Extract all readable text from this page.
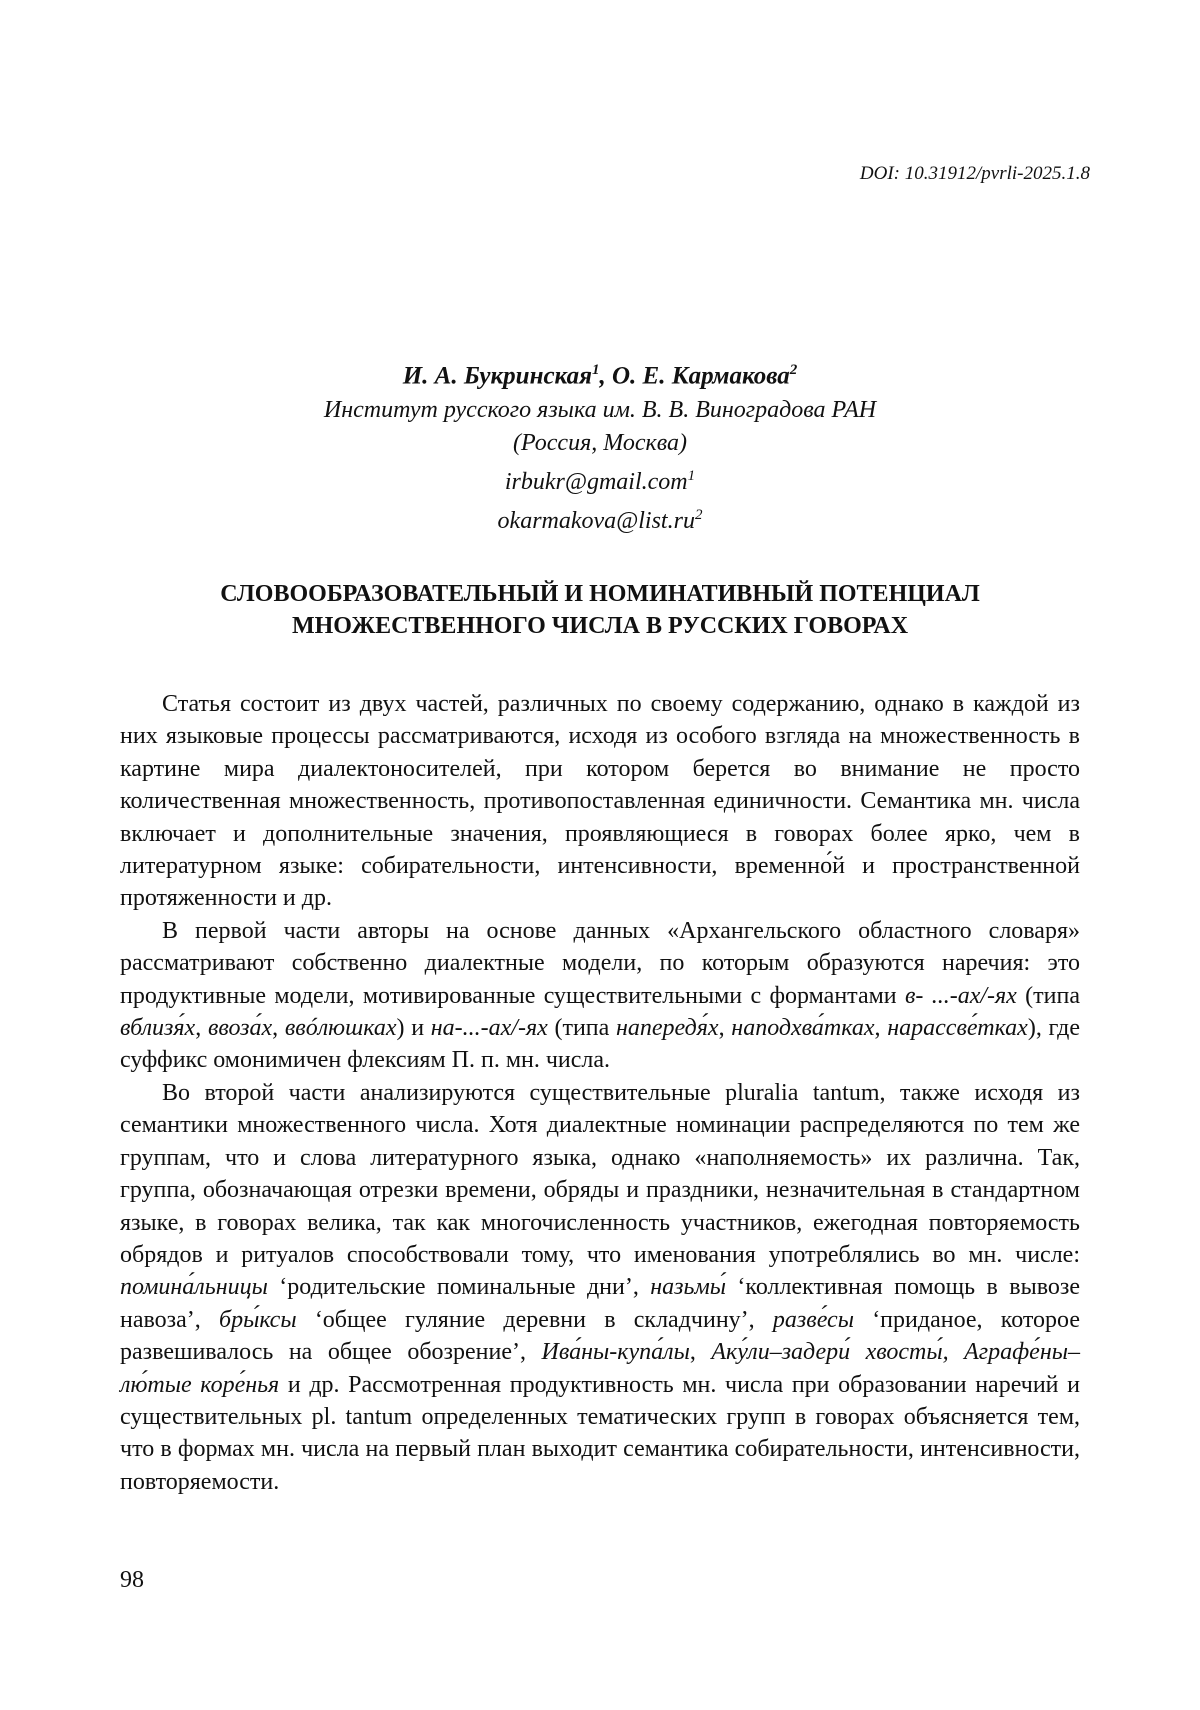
DOI: 10.31912/pvrli-2025.1.8
И. А. Букринская$^1$, О. Е. Кармакова$^2$
Институт русского языка им. В. В. Виноградова РАН
(Россия, Москва)
irbukr@gmail.com$^1$
$okarmakova@list.ru^2$
СЛОВООБРАЗОВАТЕЛЬНЫЙ И НОМИНАТИВНЫЙ ПОТЕНЦИАЛ
МНОЖЕСТВЕННОГО ЧИСЛА В РУССКИХ ГОВОРАХ

Статья состоит из двух частей, различных по своему содержанию, однако в каждой из них языковые процессы рассматриваются, исходя из особого взгляда на множественность в картине мира диалектоносителей, при котором берется во внимание не просто количественная множественность, противопоставленная единичности. Семантика мн. числа включает и дополнительные значения, проявляющиеся в говорах более ярко, чем в литературном языке: собирательности, интенсивности, временно́й и пространственной протяженности и др.

В первой части авторы на основе данных «Архангельского областного словаря» рассматривают собственно диалектные модели, по которым образуются наречия: это продуктивные модели, мотивированные существительными с формантами в- ...-ах/-ях (типа вблизя́х, ввоза́х, ввóлюшках) и на-...-ах/-ях (типа напередя́х, наподхва́тках, нарассве́тках), где суффикс омонимичен флексиям П. п. мн. числа.

Во второй части анализируются существительные pluralia tantum, также исходя из семантики множественного числа. Хотя диалектные номинации распределяются по тем же группам, что и слова литературного языка, однако «наполняемость» их различна. Так, группа, обозначающая отрезки времени, обряды и праздники, незначительная в стандартном языке, в говорах велика, так как многочисленность участников, ежегодная повторяемость обрядов и ритуалов способствовали тому, что именования употреблялись во мн. числе: помина́льницы ‘родительские поминальные дни’, назьмы́ ‘коллективная помощь в вывозе навоза’, бры́ксы ‘общее гуляние деревни в складчину’, разве́сы ‘приданое, которое развешивалось на общее обозрение’, Ива́ны-купа́лы, Аку́ли–задери́ хвосты́, Аграфе́ны–лю́тые коре́нья и др. Рассмотренная продуктивность мн. числа при образовании наречий и существительных pl. tantum определенных тематических групп в говорах объясняется тем, что в формах мн. числа на первый план выходит семантика собирательности, интенсивности, повторяемости.

98
